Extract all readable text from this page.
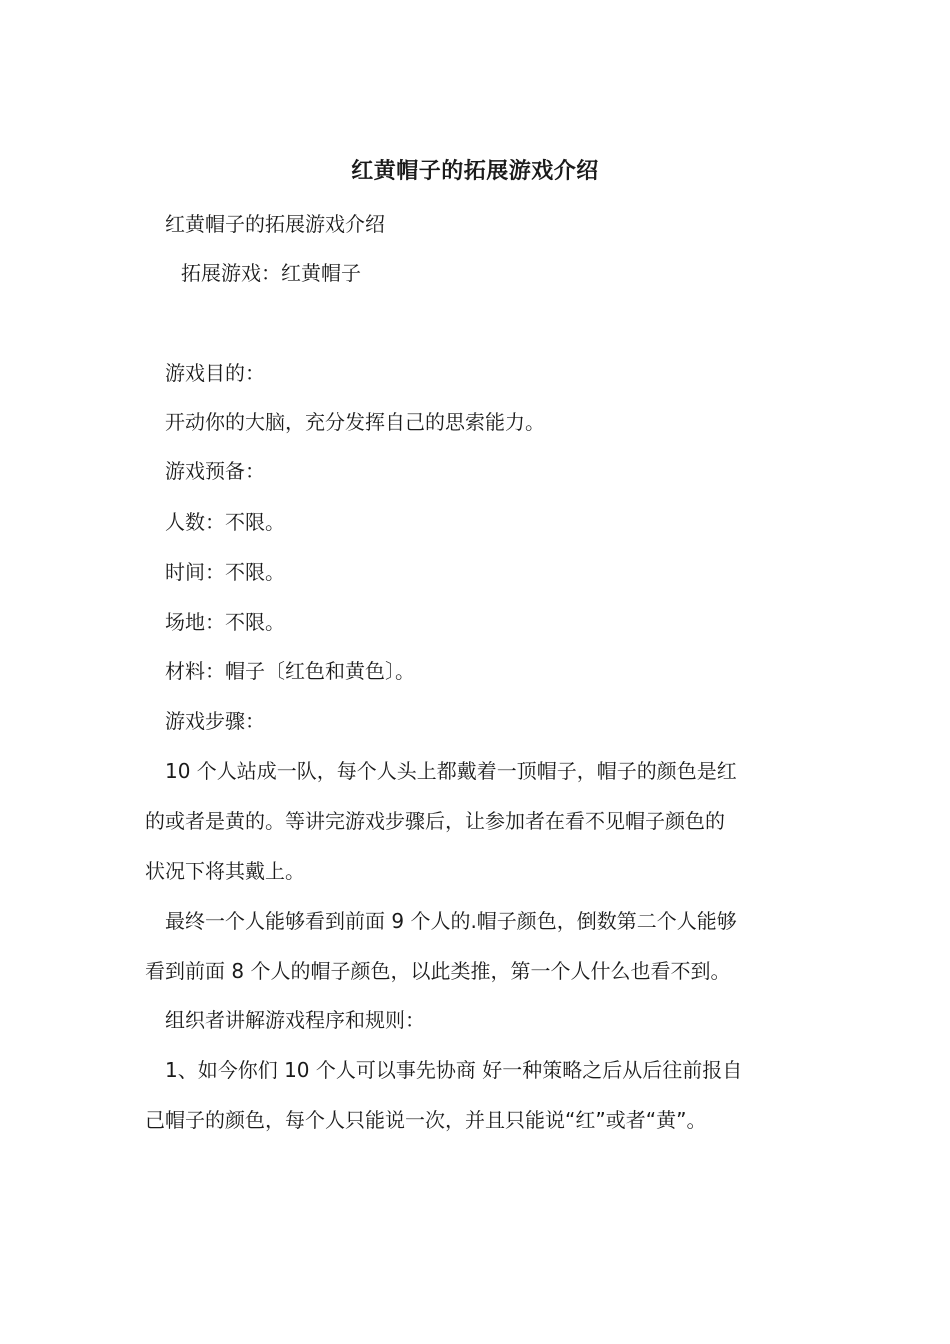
红黄帽子的拓展游戏介绍
红黄帽子的拓展游戏介绍
拓展游戏：红黄帽子
游戏目的：
开动你的大脑，充分发挥自己的思索能力。
游戏预备：
人数：不限。
时间：不限。
场地：不限。
材料：帽子〔红色和黄色〕。
游戏步骤：
10 个人站成一队，每个人头上都戴着一顶帽子，帽子的颜色是红
的或者是黄的。等讲完游戏步骤后，让参加者在看不见帽子颜色的
状况下将其戴上。
最终一个人能够看到前面 9 个人的.帽子颜色，倒数第二个人能够
看到前面 8 个人的帽子颜色，以此类推，第一个人什么也看不到。
组织者讲解游戏程序和规则：
1、如今你们 10 个人可以事先协商 好一种策略之后从后往前报自
己帽子的颜色，每个人只能说一次，并且只能说“红”或者“黄”。
